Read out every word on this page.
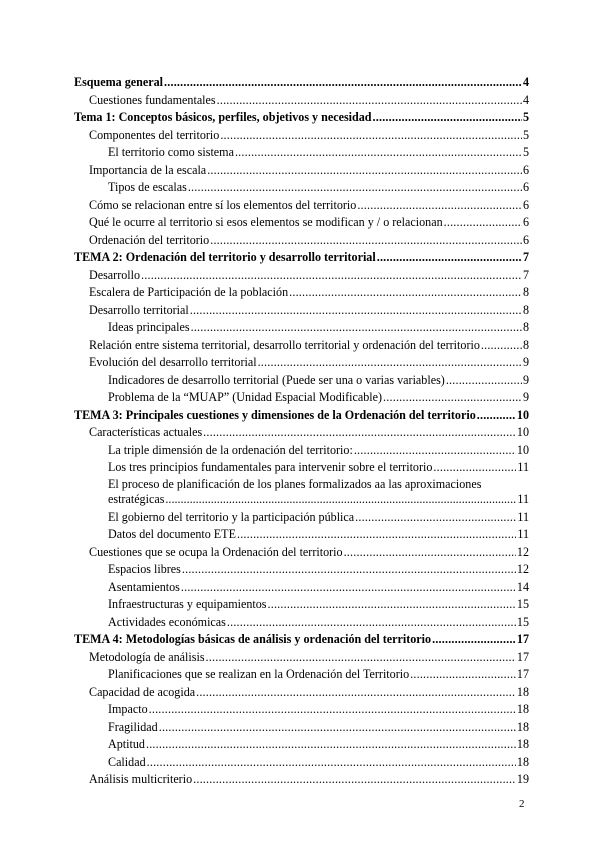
Esquema general .....	4
Cuestiones fundamentales .....	4
Tema 1: Conceptos básicos, perfiles, objetivos y necesidad .....	5
Componentes del territorio .....	5
El territorio como sistema .....	5
Importancia de la escala .....	6
Tipos de escalas .....	6
Cómo se relacionan entre sí los elementos del territorio .....	6
Qué le ocurre al territorio si esos elementos se modifican y / o relacionan .....	6
Ordenación del territorio .....	6
TEMA 2: Ordenación del territorio y desarrollo territorial .....	7
Desarrollo .....	7
Escalera de Participación de la población .....	8
Desarrollo territorial .....	8
Ideas principales .....	8
Relación entre sistema territorial, desarrollo territorial y ordenación del territorio .....	8
Evolución del desarrollo territorial .....	9
Indicadores de desarrollo territorial (Puede ser una o varias variables) .....	9
Problema de la “MUAP” (Unidad Espacial Modificable) .....	9
TEMA 3: Principales cuestiones y dimensiones de la Ordenación del territorio .....	10
Características actuales .....	10
La triple dimensión de la ordenación del territorio: .....	10
Los tres principios fundamentales para intervenir sobre el territorio .....	11
El proceso de planificación de los planes formalizados aa las aproximaciones
estratégicas .....	11
El gobierno del territorio y la participación pública .....	11
Datos del documento ETE .....	11
Cuestiones que se ocupa la Ordenación del territorio .....	12
Espacios libres .....	12
Asentamientos .....	14
Infraestructuras y equipamientos .....	15
Actividades económicas .....	15
TEMA 4: Metodologías básicas de análisis y ordenación del territorio .....	17
Metodología de análisis .....	17
Planificaciones que se realizan en la Ordenación del Territorio .....	17
Capacidad de acogida .....	18
Impacto .....	18
Fragilidad .....	18
Aptitud .....	18
Calidad .....	18
Análisis multicriterio .....	19
2
